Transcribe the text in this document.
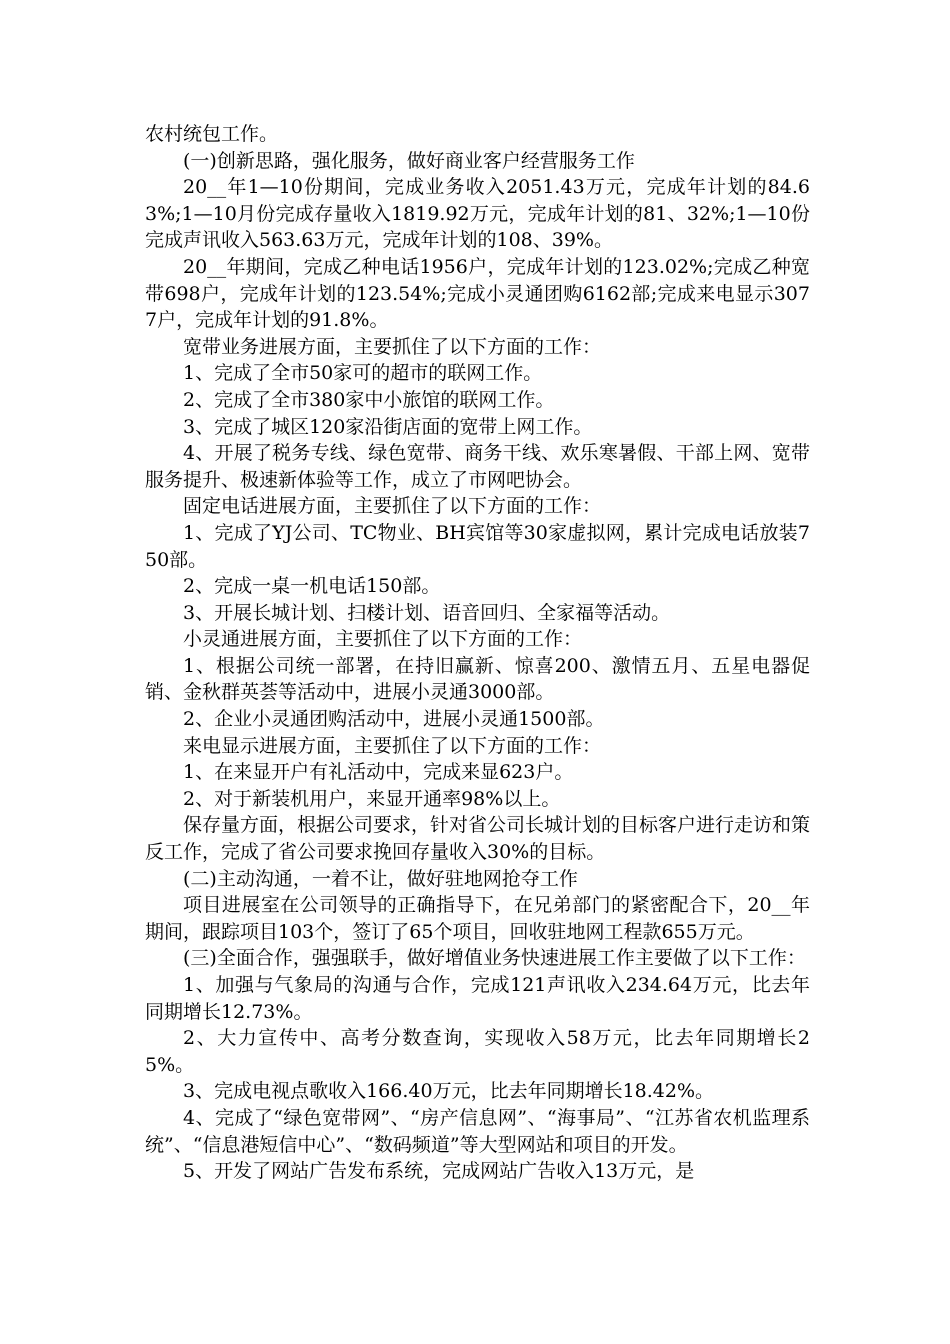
农村统包工作。

(一)创新思路，强化服务，做好商业客户经营服务工作

20__年1—10份期间，完成业务收入2051.43万元，完成年计划的84.63%;1—10月份完成存量收入1819.92万元，完成年计划的81、32%;1—10份完成声讯收入563.63万元，完成年计划的108、39%。

20__年期间，完成乙种电话1956户，完成年计划的123.02%;完成乙种宽带698户，完成年计划的123.54%;完成小灵通团购6162部;完成来电显示3077户，完成年计划的91.8%。

宽带业务进展方面，主要抓住了以下方面的工作：

1、完成了全市50家可的超市的联网工作。

2、完成了全市380家中小旅馆的联网工作。

3、完成了城区120家沿街店面的宽带上网工作。

4、开展了税务专线、绿色宽带、商务干线、欢乐寒暑假、干部上网、宽带服务提升、极速新体验等工作，成立了市网吧协会。

固定电话进展方面，主要抓住了以下方面的工作：

1、完成了YJ公司、TC物业、BH宾馆等30家虚拟网，累计完成电话放装750部。

2、完成一桌一机电话150部。

3、开展长城计划、扫楼计划、语音回归、全家福等活动。

小灵通进展方面，主要抓住了以下方面的工作：

1、根据公司统一部署，在持旧赢新、惊喜200、激情五月、五星电器促销、金秋群英荟等活动中，进展小灵通3000部。

2、企业小灵通团购活动中，进展小灵通1500部。

来电显示进展方面，主要抓住了以下方面的工作：

1、在来显开户有礼活动中，完成来显623户。

2、对于新装机用户，来显开通率98%以上。

保存量方面，根据公司要求，针对省公司长城计划的目标客户进行走访和策反工作，完成了省公司要求挽回存量收入30%的目标。

(二)主动沟通，一着不让，做好驻地网抢夺工作

项目进展室在公司领导的正确指导下，在兄弟部门的紧密配合下，20__年期间，跟踪项目103个，签订了65个项目，回收驻地网工程款655万元。

(三)全面合作，强强联手，做好增值业务快速进展工作主要做了以下工作：

1、加强与气象局的沟通与合作，完成121声讯收入234.64万元，比去年同期增长12.73%。

2、大力宣传中、高考分数查询，实现收入58万元，比去年同期增长25%。

3、完成电视点歌收入166.40万元，比去年同期增长18.42%。

4、完成了“绿色宽带网”、“房产信息网”、“海事局”、“江苏省农机监理系统”、“信息港短信中心”、“数码频道”等大型网站和项目的开发。

5、开发了网站广告发布系统，完成网站广告收入13万元，是
